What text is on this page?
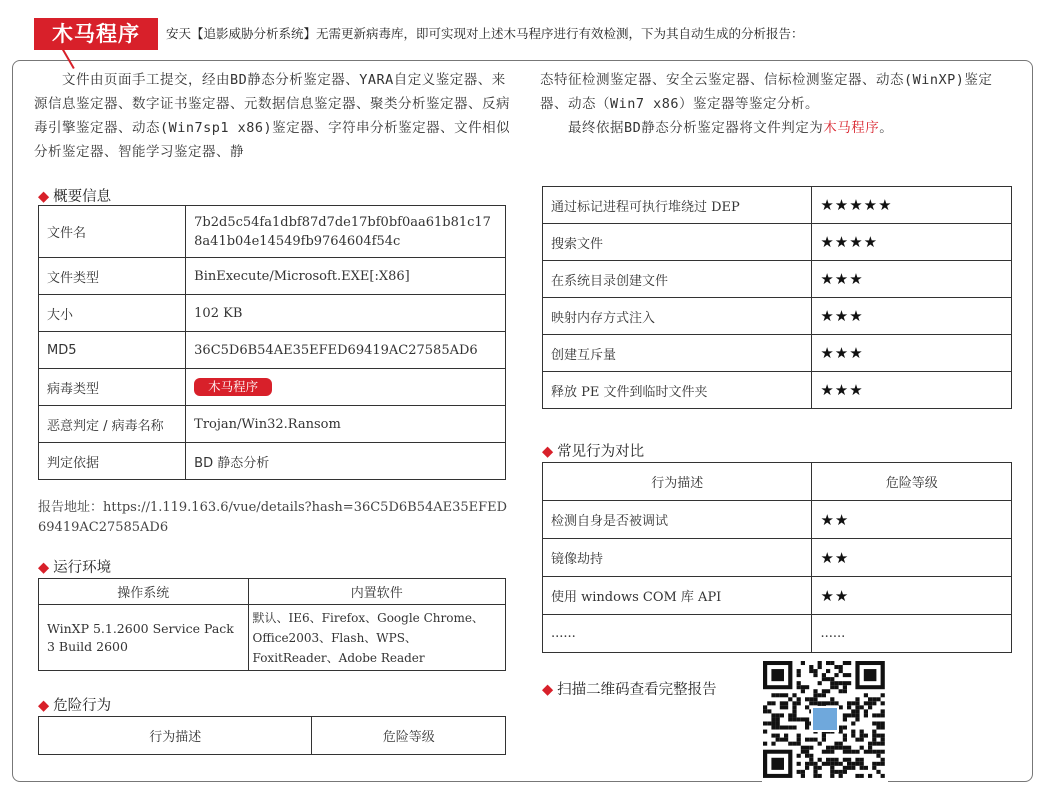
木马程序	安天【追影威胁分析系统】无需更新病毒库，即可实现对上述木马程序进行有效检测，下为其自动生成的分析报告：
　　文件由页面手工提交，经由BD静态分析鉴定器、YARA自定义鉴定器、来源信息鉴定器、数字证书鉴定器、元数据信息鉴定器、聚类分析鉴定器、反病毒引擎鉴定器、动态(Win7sp1 x86)鉴定器、字符串分析鉴定器、文件相似分析鉴定器、智能学习鉴定器、静
态特征检测鉴定器、安全云鉴定器、信标检测鉴定器、动态(WinXP)鉴定器、动态（Win7 x86）鉴定器等鉴定分析。
　　最终依据BD静态分析鉴定器将文件判定为木马程序。
◆ 概要信息
文件名	7b2d5c54fa1dbf87d7de17bf0bf0aa61b81c178a41b04e14549fb9764604f54c
文件类型	BinExecute/Microsoft.EXE[:X86]
大小	102 KB
MD5	36C5D6B54AE35EFED69419AC27585AD6
病毒类型	木马程序
恶意判定 / 病毒名称	Trojan/Win32.Ransom
判定依据	BD 静态分析
报告地址：https://1.119.163.6/vue/details?hash=36C5D6B54AE35EFED69419AC27585AD6
◆ 运行环境
操作系统	内置软件
WinXP 5.1.2600 Service Pack 3 Build 2600	默认、IE6、Firefox、Google Chrome、Office2003、Flash、WPS、FoxitReader、Adobe Reader
◆ 危险行为
行为描述	危险等级
通过标记进程可执行堆绕过 DEP	★★★★★
搜索文件	★★★★
在系统目录创建文件	★★★
映射内存方式注入	★★★
创建互斥量	★★★
释放 PE 文件到临时文件夹	★★★
◆ 常见行为对比
行为描述	危险等级
检测自身是否被调试	★★
镜像劫持	★★
使用 windows COM 库 API	★★
......	......
◆ 扫描二维码查看完整报告
